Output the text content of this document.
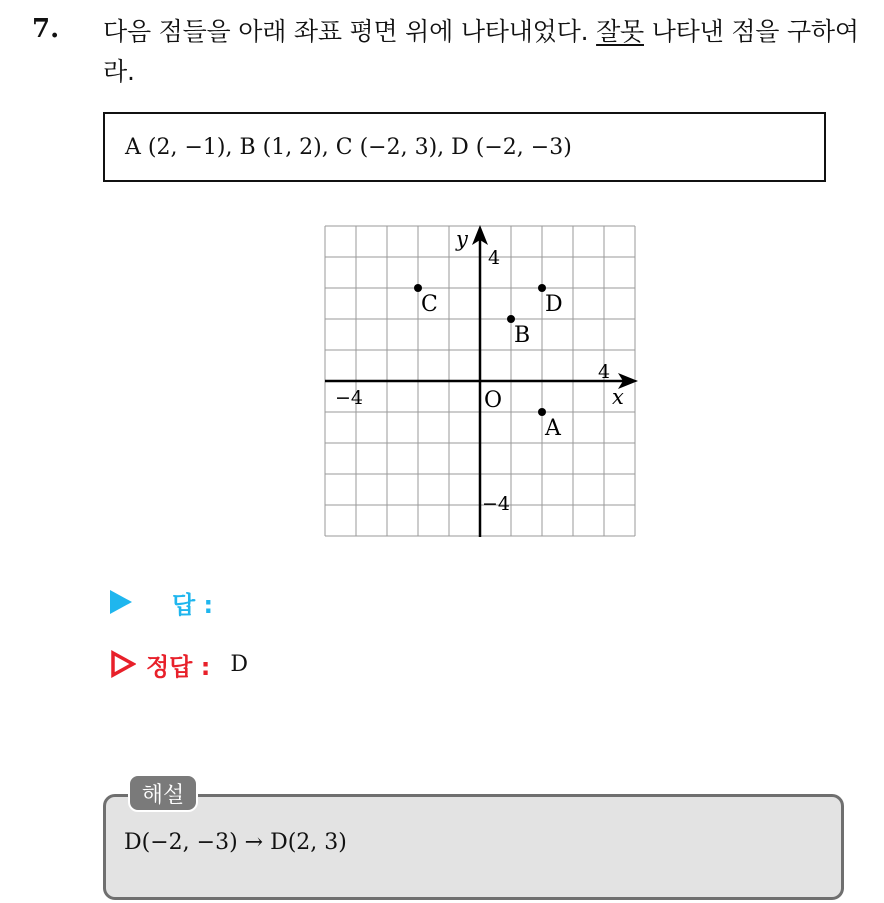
7. 다음 점들을 아래 좌표 평면 위에 나타내었다. 잘못 나타낸 점을 구하여라.
A (2, −1), B (1, 2), C (−2, 3), D (−2, −3)
x
y
O
4
−4
4
−4
A
B
C	D
답 :
정답 : D
해설
D(−2, −3) → D(2, 3)
